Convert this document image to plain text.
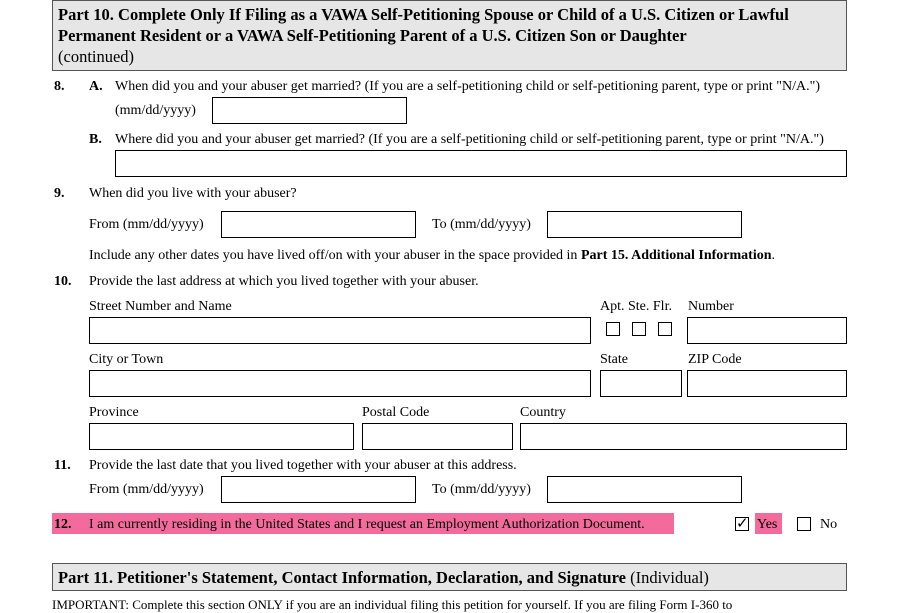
Part 10. Complete Only If Filing as a VAWA Self-Petitioning Spouse or Child of a U.S. Citizen or Lawful Permanent Resident or a VAWA Self-Petitioning Parent of a U.S. Citizen Son or Daughter
(continued)
8. A. When did you and your abuser get married? (If you are a self-petitioning child or self-petitioning parent, type or print "N/A.")
(mm/dd/yyyy)
B. Where did you and your abuser get married? (If you are a self-petitioning child or self-petitioning parent, type or print "N/A.")
9. When did you live with your abuser?
From (mm/dd/yyyy)	To (mm/dd/yyyy)
Include any other dates you have lived off/on with your abuser in the space provided in Part 15. Additional Information.
10. Provide the last address at which you lived together with your abuser.
Street Number and Name	Apt. Ste. Flr. Number
City or Town	State	ZIP Code
Province	Postal Code	Country
11. Provide the last date that you lived together with your abuser at this address.
From (mm/dd/yyyy)	To (mm/dd/yyyy)
12. I am currently residing in the United States and I request an Employment Authorization Document.	✓ Yes	No
Part 11. Petitioner's Statement, Contact Information, Declaration, and Signature (Individual)
IMPORTANT: Complete this section ONLY if you are an individual filing this petition for yourself. If you are filing Form I-360 to
